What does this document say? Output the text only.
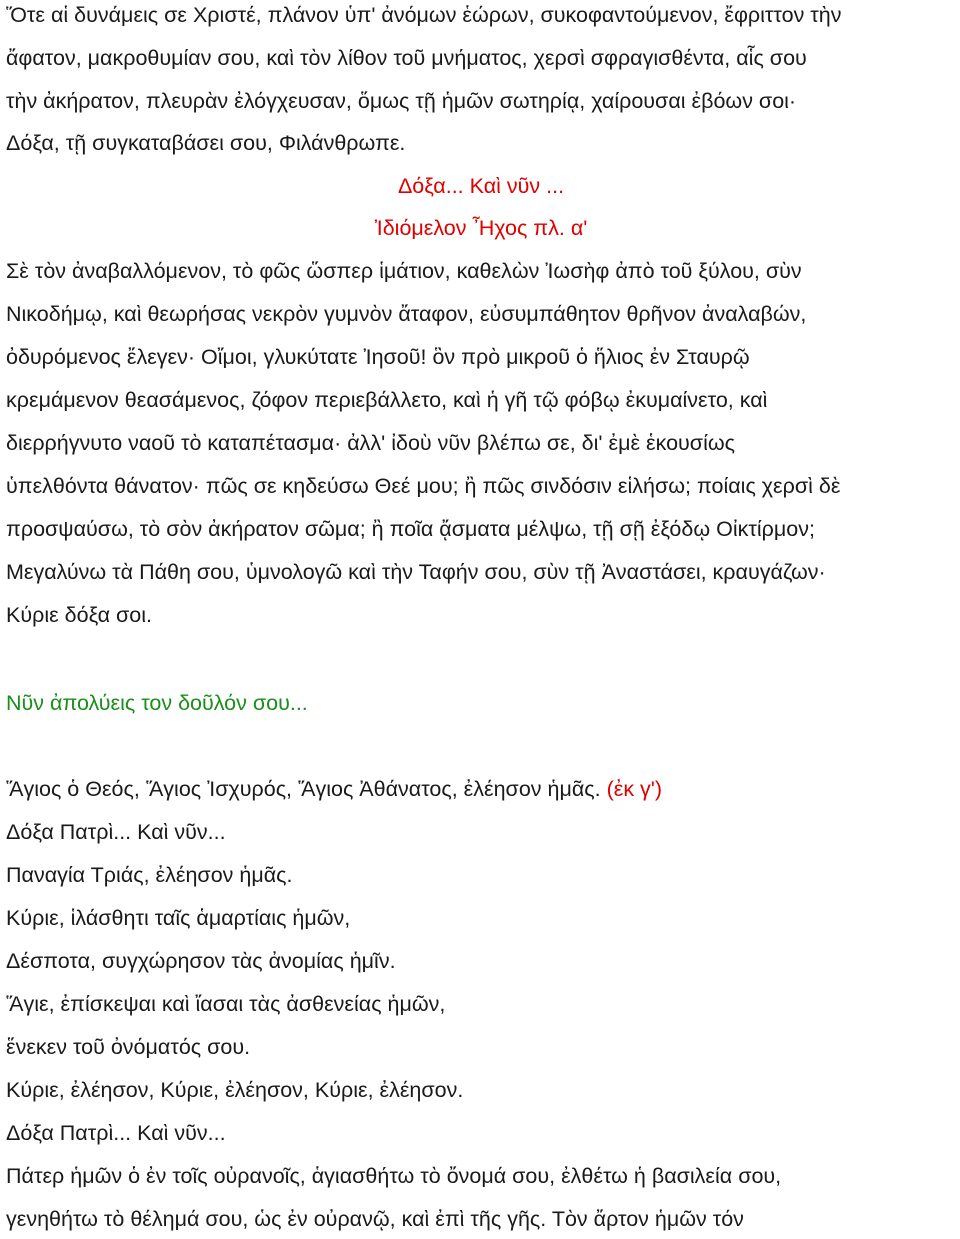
Ὅτε αἱ δυνάμεις σε Χριστέ, πλάνον ὑπ' ἀνόμων ἑώρων, συκοφαντούμενον, ἔφριττον τὴν
ἄφατον, μακροθυμίαν σου, καὶ τὸν λίθον τοῦ μνήματος, χερσὶ σφραγισθέντα, αἷς σου
τὴν ἀκήρατον, πλευρὰν ἐλόγχευσαν, ὅμως τῇ ἡμῶν σωτηρίᾳ, χαίρουσαι ἐβόων σοι·
Δόξα, τῇ συγκαταβάσει σου, Φιλάνθρωπε.
Δόξα... Καὶ νῦν ...
Ἰδιόμελον Ἦχος πλ. α'
Σὲ τὸν ἀναβαλλόμενον, τὸ φῶς ὥσπερ ἱμάτιον, καθελὼν Ἰωσὴφ ἀπὸ τοῦ ξύλου, σὺν
Νικοδήμῳ, καὶ θεωρήσας νεκρὸν γυμνὸν ἄταφον, εὐσυμπάθητον θρῆνον ἀναλαβών,
ὀδυρόμενος ἔλεγεν· Οἴμοι, γλυκύτατε Ἰησοῦ! ὃν πρὸ μικροῦ ὁ ἥλιος ἐν Σταυρῷ
κρεμάμενον θεασάμενος, ζόφον περιεβάλλετο, καὶ ἡ γῆ τῷ φόβῳ ἐκυμαίνετο, καὶ
διερρήγνυτο ναοῦ τὸ καταπέτασμα· ἀλλ' ἰδοὺ νῦν βλέπω σε, δι' ἐμὲ ἑκουσίως
ὑπελθόντα θάνατον· πῶς σε κηδεύσω Θεέ μου; ἢ πῶς σινδόσιν εἱλήσω; ποίαις χερσὶ δὲ
προσψαύσω, τὸ σὸν ἀκήρατον σῶμα; ἢ ποῖα ᾄσματα μέλψω, τῇ σῇ ἐξόδῳ Οἰκτίρμον;
Μεγαλύνω τὰ Πάθη σου, ὑμνολογῶ καὶ τὴν Ταφήν σου, σὺν τῇ Ἀναστάσει, κραυγάζων·
Κύριε δόξα σοι.
Νῦν ἀπολύεις τον δοῦλόν σου...
Ἅγιος ὁ Θεός, Ἅγιος Ἰσχυρός, Ἅγιος Ἀθάνατος, ἐλέησον ἡμᾶς. (ἐκ γ')
Δόξα Πατρὶ... Καὶ νῦν...
Παναγία Τριάς, ἐλέησον ἡμᾶς.
Κύριε, ἱλάσθητι ταῖς ἁμαρτίαις ἡμῶν,
Δέσποτα, συγχώρησον τὰς ἀνομίας ἡμῖν.
Ἅγιε, ἐπίσκεψαι καὶ ἴασαι τὰς ἀσθενείας ἡμῶν,
ἕνεκεν τοῦ ὀνόματός σου.
Κύριε, ἐλέησον, Κύριε, ἐλέησον, Κύριε, ἐλέησον.
Δόξα Πατρὶ... Καὶ νῦν...
Πάτερ ἡμῶν ὁ ἐν τοῖς οὐρανοῖς, ἁγιασθήτω τὸ ὄνομά σου, ἐλθέτω ἡ βασιλεία σου,
γενηθήτω τὸ θέλημά σου, ὡς ἐν οὐρανῷ, καὶ ἐπὶ τῆς γῆς. Τὸν ἄρτον ἡμῶν τόν
